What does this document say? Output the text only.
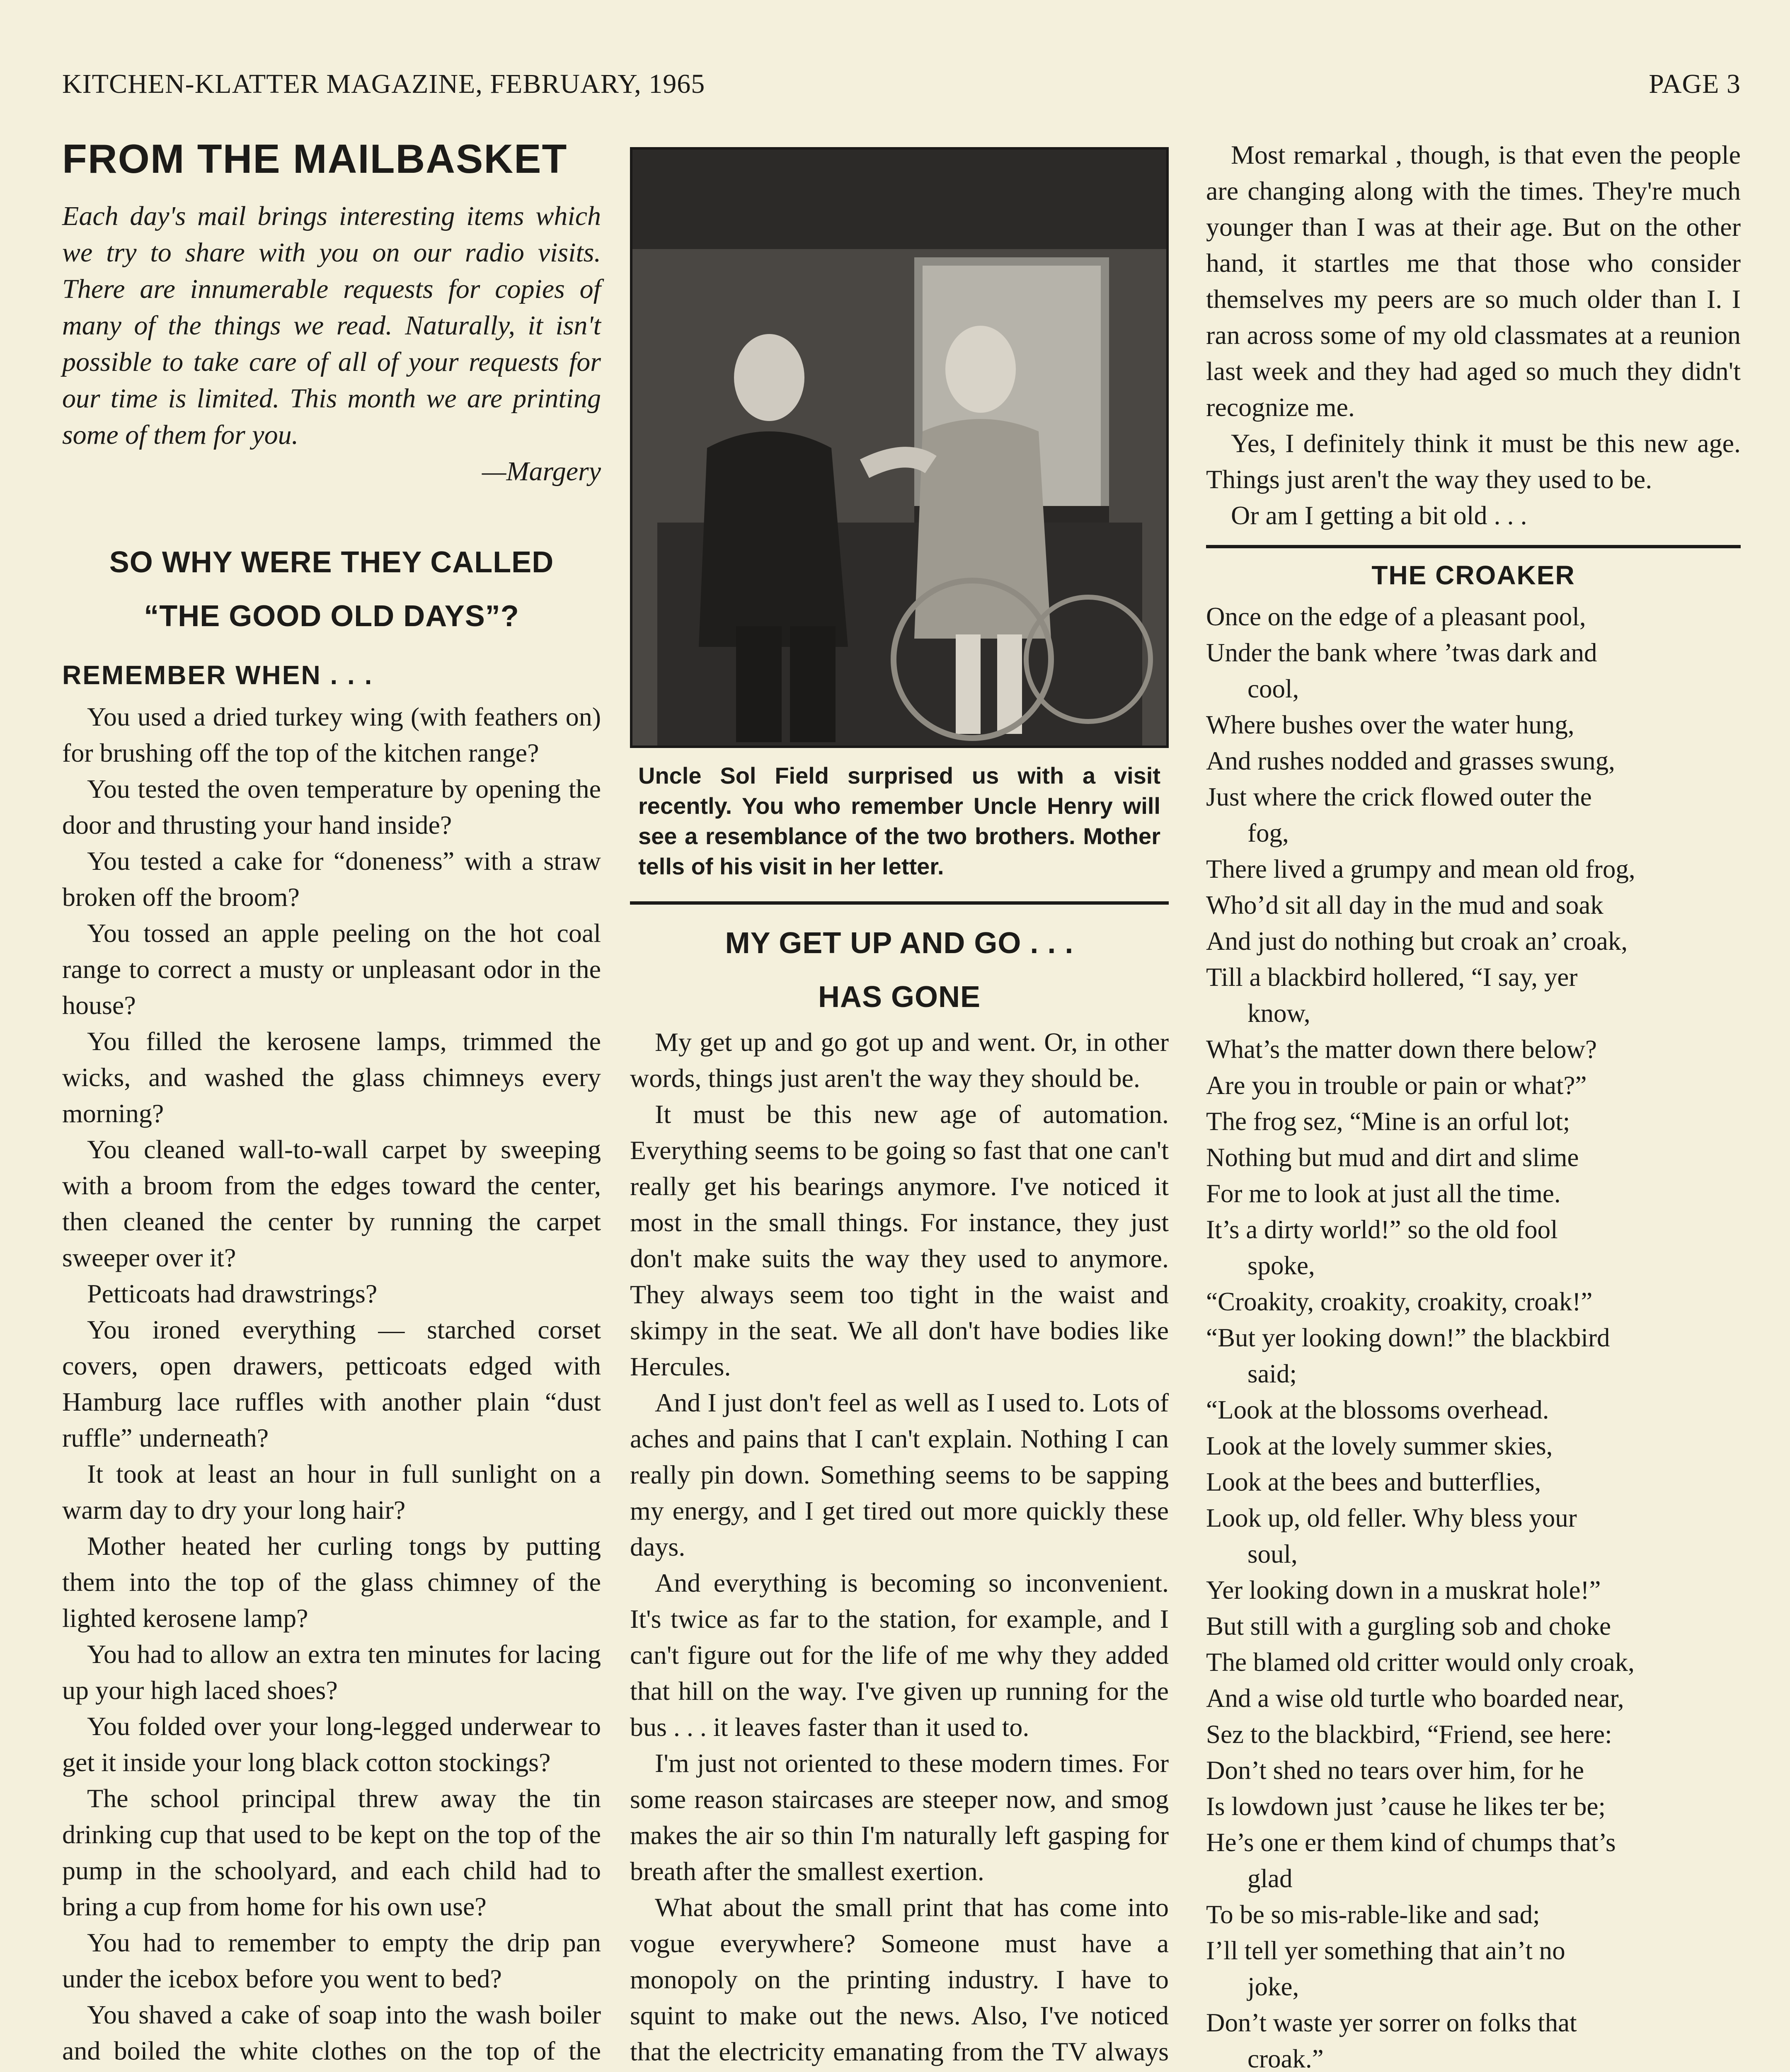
KITCHEN-KLATTER MAGAZINE, FEBRUARY, 1965	PAGE 3
FROM THE MAILBASKET
Each day's mail brings interesting items which we try to share with you on our radio visits. There are innumerable requests for copies of many of the things we read. Naturally, it isn't possible to take care of all of your requests for our time is limited. This month we are printing some of them for you.
—Margery
SO WHY WERE THEY CALLED
“THE GOOD OLD DAYS”?
REMEMBER WHEN . . .

You used a dried turkey wing (with feathers on) for brushing off the top of the kitchen range?

You tested the oven temperature by opening the door and thrusting your hand inside?

You tested a cake for “doneness” with a straw broken off the broom?

You tossed an apple peeling on the hot coal range to correct a musty or unpleasant odor in the house?

You filled the kerosene lamps, trimmed the wicks, and washed the glass chimneys every morning?

You cleaned wall-to-wall carpet by sweeping with a broom from the edges toward the center, then cleaned the center by running the carpet sweeper over it?

Petticoats had drawstrings?

You ironed everything — starched corset covers, open drawers, petticoats edged with Hamburg lace ruffles with another plain “dust ruffle” underneath?

It took at least an hour in full sunlight on a warm day to dry your long hair?

Mother heated her curling tongs by putting them into the top of the glass chimney of the lighted kerosene lamp?

You had to allow an extra ten minutes for lacing up your high laced shoes?

You folded over your long-legged underwear to get it inside your long black cotton stockings?

The school principal threw away the tin drinking cup that used to be kept on the top of the pump in the schoolyard, and each child had to bring a cup from home for his own use?

You had to remember to empty the drip pan under the icebox before you went to bed?

You shaved a cake of soap into the wash boiler and boiled the white clothes on the top of the

Uncle Sol Field surprised us with a visit recently. You who remember Uncle Henry will see a resemblance of the two brothers. Mother tells of his visit in her letter.
MY GET UP AND GO . . .
HAS GONE

My get up and go got up and went. Or, in other words, things just aren't the way they should be.

It must be this new age of automation. Everything seems to be going so fast that one can't really get his bearings anymore. I've noticed it most in the small things. For instance, they just don't make suits the way they used to anymore. They always seem too tight in the waist and skimpy in the seat. We all don't have bodies like Hercules.

And I just don't feel as well as I used to. Lots of aches and pains that I can't explain. Nothing I can really pin down. Something seems to be sapping my energy, and I get tired out more quickly these days.

And everything is becoming so inconvenient. It's twice as far to the station, for example, and I can't figure out for the life of me why they added that hill on the way. I've given up running for the bus . . . it leaves faster than it used to.

I'm just not oriented to these modern times. For some reason staircases are steeper now, and smog makes the air so thin I'm naturally left gasping for breath after the smallest exertion.

What about the small print that has come into vogue everywhere? Someone must have a monopoly on the printing industry. I have to squint to make out the news. Also, I've noticed that the electricity emanating from the TV always

Most remarkal , though, is that even the people are changing along with the times. They're much younger than I was at their age. But on the other hand, it startles me that those who consider themselves my peers are so much older than I. I ran across some of my old classmates at a reunion last week and they had aged so much they didn't recognize me.

Yes, I definitely think it must be this new age. Things just aren't the way they used to be.

Or am I getting a bit old . . .

THE CROAKER
Once on the edge of a pleasant pool,
Under the bank where ’twas dark and
cool,
Where bushes over the water hung,
And rushes nodded and grasses swung,
Just where the crick flowed outer the
fog,
There lived a grumpy and mean old frog,
Who’d sit all day in the mud and soak
And just do nothing but croak an’ croak,
Till a blackbird hollered, “I say, yer
know,
What’s the matter down there below?
Are you in trouble or pain or what?”
The frog sez, “Mine is an orful lot;
Nothing but mud and dirt and slime
For me to look at just all the time.
It’s a dirty world!” so the old fool
spoke,
“Croakity, croakity, croakity, croak!”
“But yer looking down!” the blackbird
said;
“Look at the blossoms overhead.
Look at the lovely summer skies,
Look at the bees and butterflies,
Look up, old feller. Why bless your
soul,
Yer looking down in a muskrat hole!”
But still with a gurgling sob and choke
The blamed old critter would only croak,
And a wise old turtle who boarded near,
Sez to the blackbird, “Friend, see here:
Don’t shed no tears over him, for he
Is lowdown just ’cause he likes ter be;
He’s one er them kind of chumps that’s
glad
To be so mis-rable-like and sad;
I’ll tell yer something that ain’t no
joke,
Don’t waste yer sorrer on folks that
croak.”
